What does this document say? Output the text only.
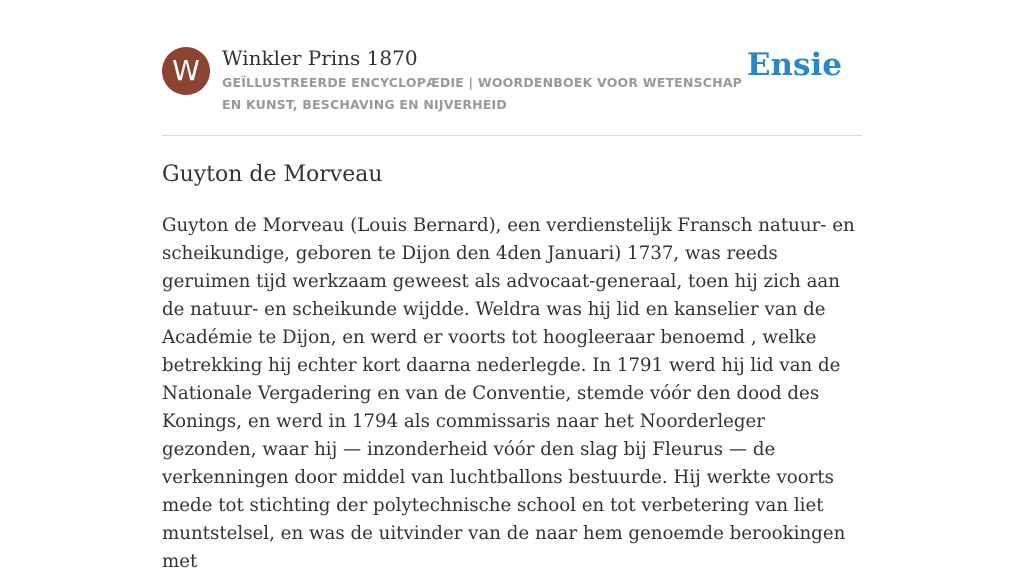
W	Winkler Prins 1870

GEÏLLUSTREERDE ENCYCLOPÆDIE | WOORDENBOEK VOOR WETENSCHAP EN KUNST, BESCHAVING EN NIJVERHEID

Ensie
Guyton de Morveau

Guyton de Morveau (Louis Bernard), een verdienstelijk Fransch natuur- en scheikundige, geboren te Dijon den 4den Januari) 1737, was reeds geruimen tijd werkzaam geweest als advocaat-generaal, toen hij zich aan de natuur- en scheikunde wijdde. Weldra was hij lid en kanselier van de Académie te Dijon, en werd er voorts tot hoogleeraar benoemd , welke betrekking hij echter kort daarna nederlegde. In 1791 werd hij lid van de Nationale Vergadering en van de Conventie, stemde vóór den dood des Konings, en werd in 1794 als commissaris naar het Noorderleger gezonden, waar hij — inzonderheid vóór den slag bij Fleurus — de verkenningen door middel van luchtballons bestuurde. Hij werkte voorts mede tot stichting der polytechnische school en tot verbetering van liet muntstelsel, en was de uitvinder van de naar hem genoemde berookingen met
